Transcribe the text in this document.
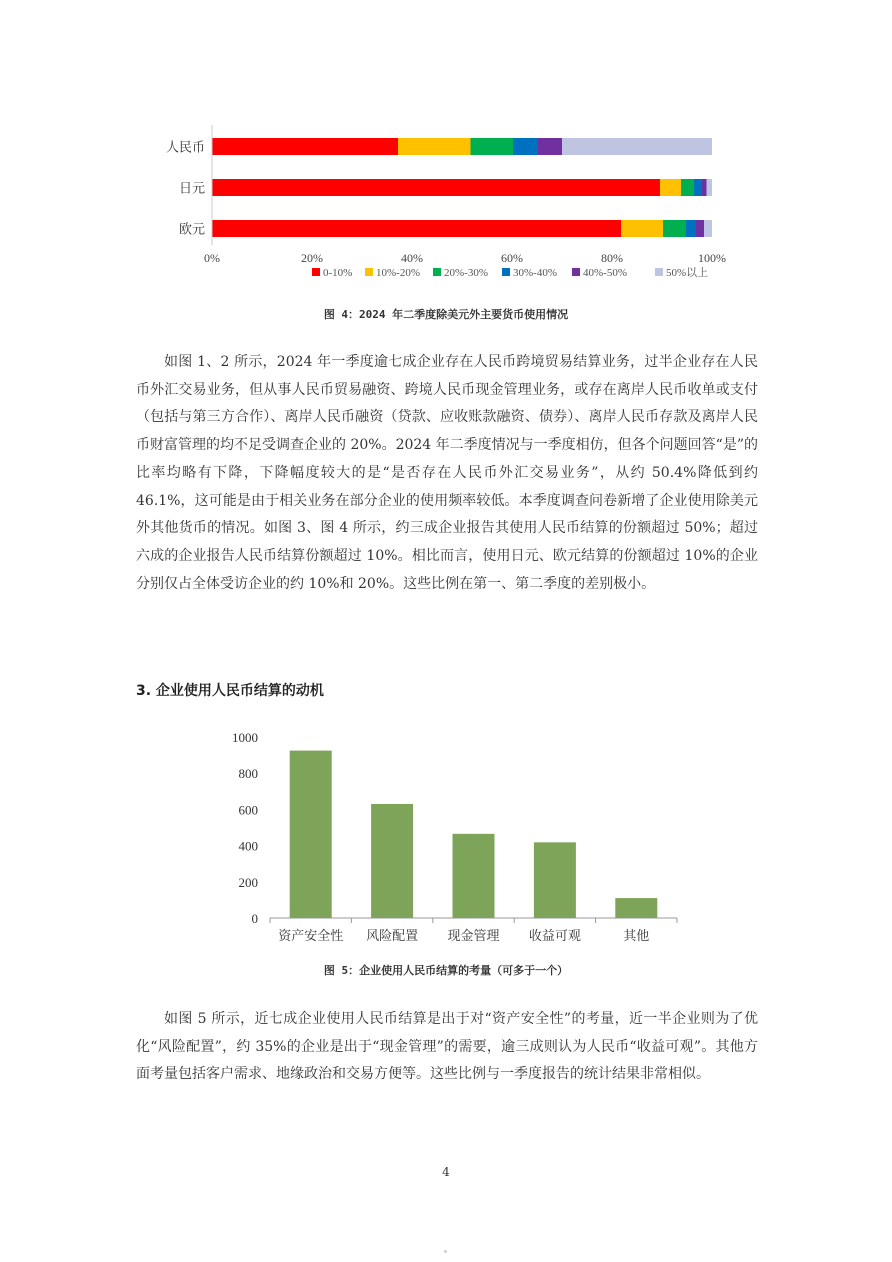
人民币
日元
欧元
0%	20%	40%	60%	80%	100%
0-10% 10%-20% 20%-30% 30%-40% 40%-50%	50%以上
图 4：2024 年二季度除美元外主要货币使用情况

如图 1、2 所示，2024 年一季度逾七成企业存在人民币跨境贸易结算业务，过半企业存在人民币外汇交易业务，但从事人民币贸易融资、跨境人民币现金管理业务，或存在离岸人民币收单或支付（包括与第三方合作）、离岸人民币融资（贷款、应收账款融资、债券）、离岸人民币存款及离岸人民币财富管理的均不足受调查企业的 20%。2024 年二季度情况与一季度相仿，但各个问题回答“是”的比率均略有下降，下降幅度较大的是“是否存在人民币外汇交易业务”，从约 50.4%降低到约 46.1%，这可能是由于相关业务在部分企业的使用频率较低。本季度调查问卷新增了企业使用除美元外其他货币的情况。如图 3、图 4 所示，约三成企业报告其使用人民币结算的份额超过 50%；超过六成的企业报告人民币结算份额超过 10%。相比而言，使用日元、欧元结算的份额超过 10%的企业分别仅占全体受访企业的约 10%和 20%。这些比例在第一、第二季度的差别极小。

3. 企业使用人民币结算的动机
0
200
400
600
800
1000
资产安全性 风险配置 现金管理 收益可观	其他
图 5：企业使用人民币结算的考量（可多于一个）

如图 5 所示，近七成企业使用人民币结算是出于对“资产安全性”的考量，近一半企业则为了优化“风险配置”，约 35%的企业是出于“现金管理”的需要，逾三成则认为人民币“收益可观”。其他方面考量包括客户需求、地缘政治和交易方便等。这些比例与一季度报告的统计结果非常相似。

4
